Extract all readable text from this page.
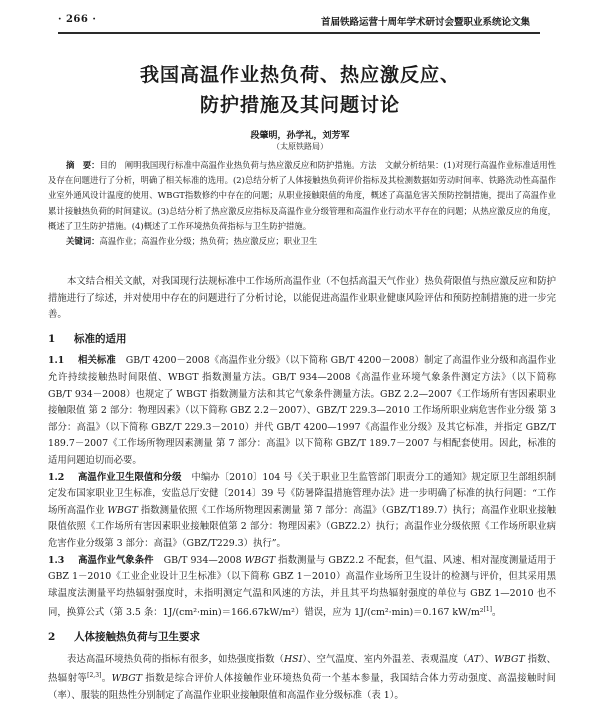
· 266 ·	首届铁路运营十周年学术研讨会暨职业系统论文集
我国高温作业热负荷、热应激反应、
防护措施及其问题讨论
段肇明，孙学礼，刘芳军
（太原铁路局）

摘　要：目的　阐明我国现行标准中高温作业热负荷与热应激反应和防护措施。方法　文献分析结果：(1)对现行高温作业标准适用性及存在问题进行了分析，明确了相关标准的选用。(2)总结分析了人体接触热负荷评价指标及其检测数据如劳动时间率、铁路洗动性高温作业室外通风设计温度的使用、WBGT指数修约中存在的问题；从职业接触限值的角度，概述了高温危害关预防控制措施，提出了高温作业累计接触热负荷的时间建议。(3)总结分析了热应激反应指标及高温作业分级管理和高温作业行动水平存在的问题；从热应激反应的角度，概述了卫生防护措施。(4)概述了工作环境热负荷指标与卫生防护措施。

关键词：高温作业；高温作业分级；热负荷；热应激反应；职业卫生

本文结合相关文献，对我国现行法规标准中工作场所高温作业（不包括高温天气作业）热负荷限值与热应激反应和防护措施进行了综述，并对使用中存在的问题进行了分析讨论，以能促进高温作业职业健康风险评估和预防控制措施的进一步完善。

1 标准的适用

1.1 相关标准 GB/T 4200－2008《高温作业分级》（以下简称 GB/T 4200－2008）制定了高温作业分级和高温作业允许持续接触热时间限值、WBGT 指数测量方法。GB/T 934—2008《高温作业环境气象条件测定方法》（以下简称 GB/T 934－2008）也规定了 WBGT 指数测量方法和其它气象条件测量方法。GBZ 2.2—2007《工作场所有害因素职业接触限值 第 2 部分：物理因素》（以下简称 GBZ 2.2－2007）、GBZ/T 229.3—2010 工作场所职业病危害作业分级 第 3 部分：高温》（以下简称 GBZ/T 229.3－2010）并代 GB/T 4200—1997《高温作业分级》及其它标准，并指定 GBZ/T 189.7－2007《工作场所物理因素测量 第 7 部分：高温》以下简称 GBZ/T 189.7－2007 与相配套使用。因此，标准的适用问题迫切而必要。

1.2 高温作业卫生限值和分级 中编办〔2010〕104 号《关于职业卫生监管部门职责分工的通知》规定原卫生部组织制定发布国家职业卫生标准，安监总厅安健〔2014〕39 号《防暑降温措施管理办法》进一步明确了标准的执行问题：“工作场所高温作业 WBGT 指数测量依照《工作场所物理因素测量 第 7 部分：高温》（GBZ/T189.7）执行；高温作业职业接触限值依照《工作场所有害因素职业接触限值第 2 部分：物理因素》（GBZ2.2）执行；高温作业分级依照《工作场所职业病危害作业分级第 3 部分：高温》（GBZ/T229.3）执行”。

1.3 高温作业气象条件 GB/T 934—2008 WBGT 指数测量与 GBZ2.2 不配套，但气温、风速、相对湿度测量适用于 GBZ 1－2010《工业企业设计卫生标准》（以下简称 GBZ 1－2010）高温作业场所卫生设计的检测与评价，但其采用黑球温度法测量平均热辐射强度时，未指明测定气温和风速的方法，并且其平均热辐射强度的单位与 GBZ 1—2010 也不同，换算公式（第 3.5 条：1J/(cm²·min)＝166.67kW/m²）错误，应为 1J/(cm²·min)＝0.167 kW/m²[1]。

2 人体接触热负荷与卫生要求

表达高温环境热负荷的指标有很多，如热强度指数（HSI）、空气温度、室内外温差、表观温度（AT）、WBGT 指数、热辐射等[2,3]。WBGT 指数是综合评价人体接触作业环境热负荷一个基本参量，我国结合体力劳动强度、高温接触时间（率）、服装的阻热性分别制定了高温作业职业接触限值和高温作业分级标准（表 1）。
